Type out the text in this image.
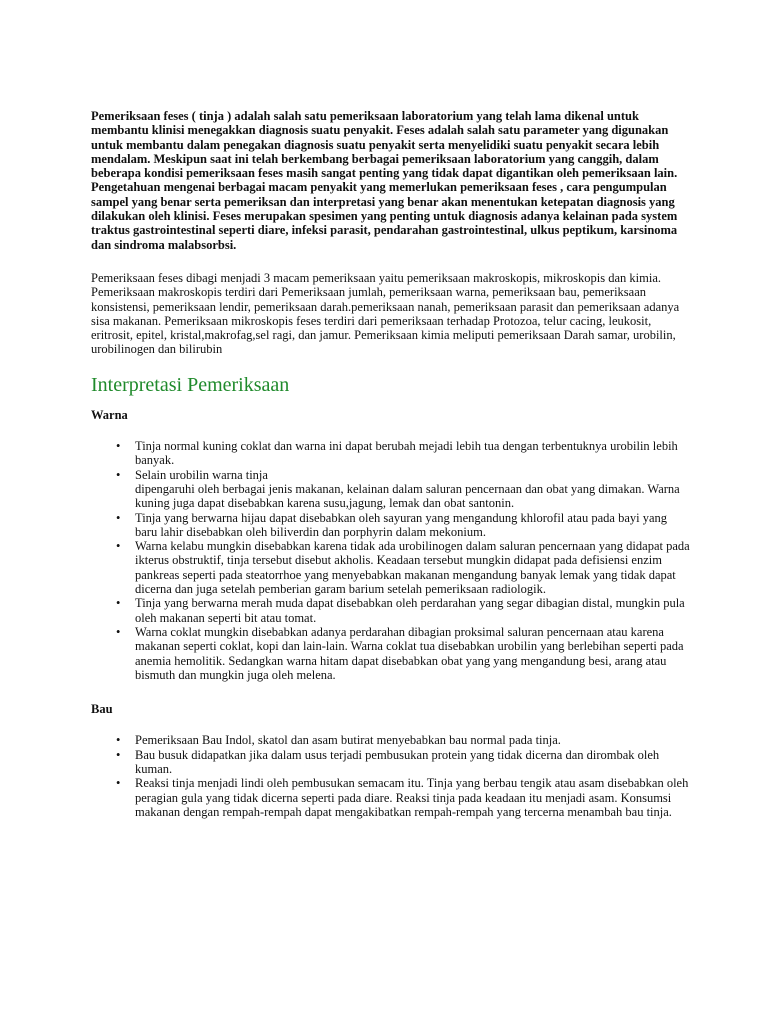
Pemeriksaan feses ( tinja ) adalah salah satu pemeriksaan laboratorium yang telah lama dikenal untuk membantu klinisi menegakkan diagnosis suatu penyakit. Feses adalah salah satu parameter yang digunakan untuk membantu dalam penegakan diagnosis suatu penyakit serta menyelidiki suatu penyakit secara lebih mendalam. Meskipun saat ini telah berkembang berbagai pemeriksaan laboratorium yang canggih, dalam beberapa kondisi pemeriksaan feses masih sangat penting yang tidak dapat digantikan oleh pemeriksaan lain. Pengetahuan mengenai berbagai macam penyakit yang memerlukan pemeriksaan feses , cara pengumpulan sampel yang benar serta pemeriksan dan interpretasi yang benar akan menentukan ketepatan diagnosis yang dilakukan oleh klinisi. Feses merupakan spesimen yang penting untuk diagnosis adanya kelainan pada system traktus gastrointestinal seperti diare, infeksi parasit, pendarahan gastrointestinal, ulkus peptikum, karsinoma dan sindroma malabsorbsi.

Pemeriksaan feses dibagi menjadi 3 macam pemeriksaan yaitu pemeriksaan makroskopis, mikroskopis dan kimia. Pemeriksaan makroskopis terdiri dari Pemeriksaan jumlah, pemeriksaan warna, pemeriksaan bau, pemeriksaan konsistensi, pemeriksaan lendir, pemeriksaan darah.pemeriksaan nanah, pemeriksaan parasit dan pemeriksaan adanya sisa makanan. Pemeriksaan mikroskopis feses terdiri dari pemeriksaan terhadap Protozoa, telur cacing, leukosit, eritrosit, epitel, kristal,makrofag,sel ragi, dan jamur. Pemeriksaan kimia meliputi pemeriksaan Darah samar, urobilin, urobilinogen dan bilirubin

Interpretasi Pemeriksaan

Warna

• Tinja normal kuning coklat dan warna ini dapat berubah mejadi lebih tua dengan terbentuknya urobilin lebih banyak.
• Selain urobilin warna tinja
dipengaruhi oleh berbagai jenis makanan, kelainan dalam saluran pencernaan dan obat yang dimakan. Warna kuning juga dapat disebabkan karena susu,jagung, lemak dan obat santonin.
• Tinja yang berwarna hijau dapat disebabkan oleh sayuran yang mengandung khlorofil atau pada bayi yang baru lahir disebabkan oleh biliverdin dan porphyrin dalam mekonium.
• Warna kelabu mungkin disebabkan karena tidak ada urobilinogen dalam saluran pencernaan yang didapat pada ikterus obstruktif, tinja tersebut disebut akholis. Keadaan tersebut mungkin didapat pada defisiensi enzim pankreas seperti pada steatorrhoe yang menyebabkan makanan mengandung banyak lemak yang tidak dapat dicerna dan juga setelah pemberian garam barium setelah pemeriksaan radiologik.
• Tinja yang berwarna merah muda dapat disebabkan oleh perdarahan yang segar dibagian distal, mungkin pula oleh makanan seperti bit atau tomat.
• Warna coklat mungkin disebabkan adanya perdarahan dibagian proksimal saluran pencernaan atau karena makanan seperti coklat, kopi dan lain-lain. Warna coklat tua disebabkan urobilin yang berlebihan seperti pada anemia hemolitik. Sedangkan warna hitam dapat disebabkan obat yang yang mengandung besi, arang atau bismuth dan mungkin juga oleh melena.

Bau

• Pemeriksaan Bau Indol, skatol dan asam butirat menyebabkan bau normal pada tinja.
• Bau busuk didapatkan jika dalam usus terjadi pembusukan protein yang tidak dicerna dan dirombak oleh kuman.
• Reaksi tinja menjadi lindi oleh pembusukan semacam itu. Tinja yang berbau tengik atau asam disebabkan oleh peragian gula yang tidak dicerna seperti pada diare. Reaksi tinja pada keadaan itu menjadi asam. Konsumsi makanan dengan rempah-rempah dapat mengakibatkan rempah-rempah yang tercerna menambah bau tinja.
